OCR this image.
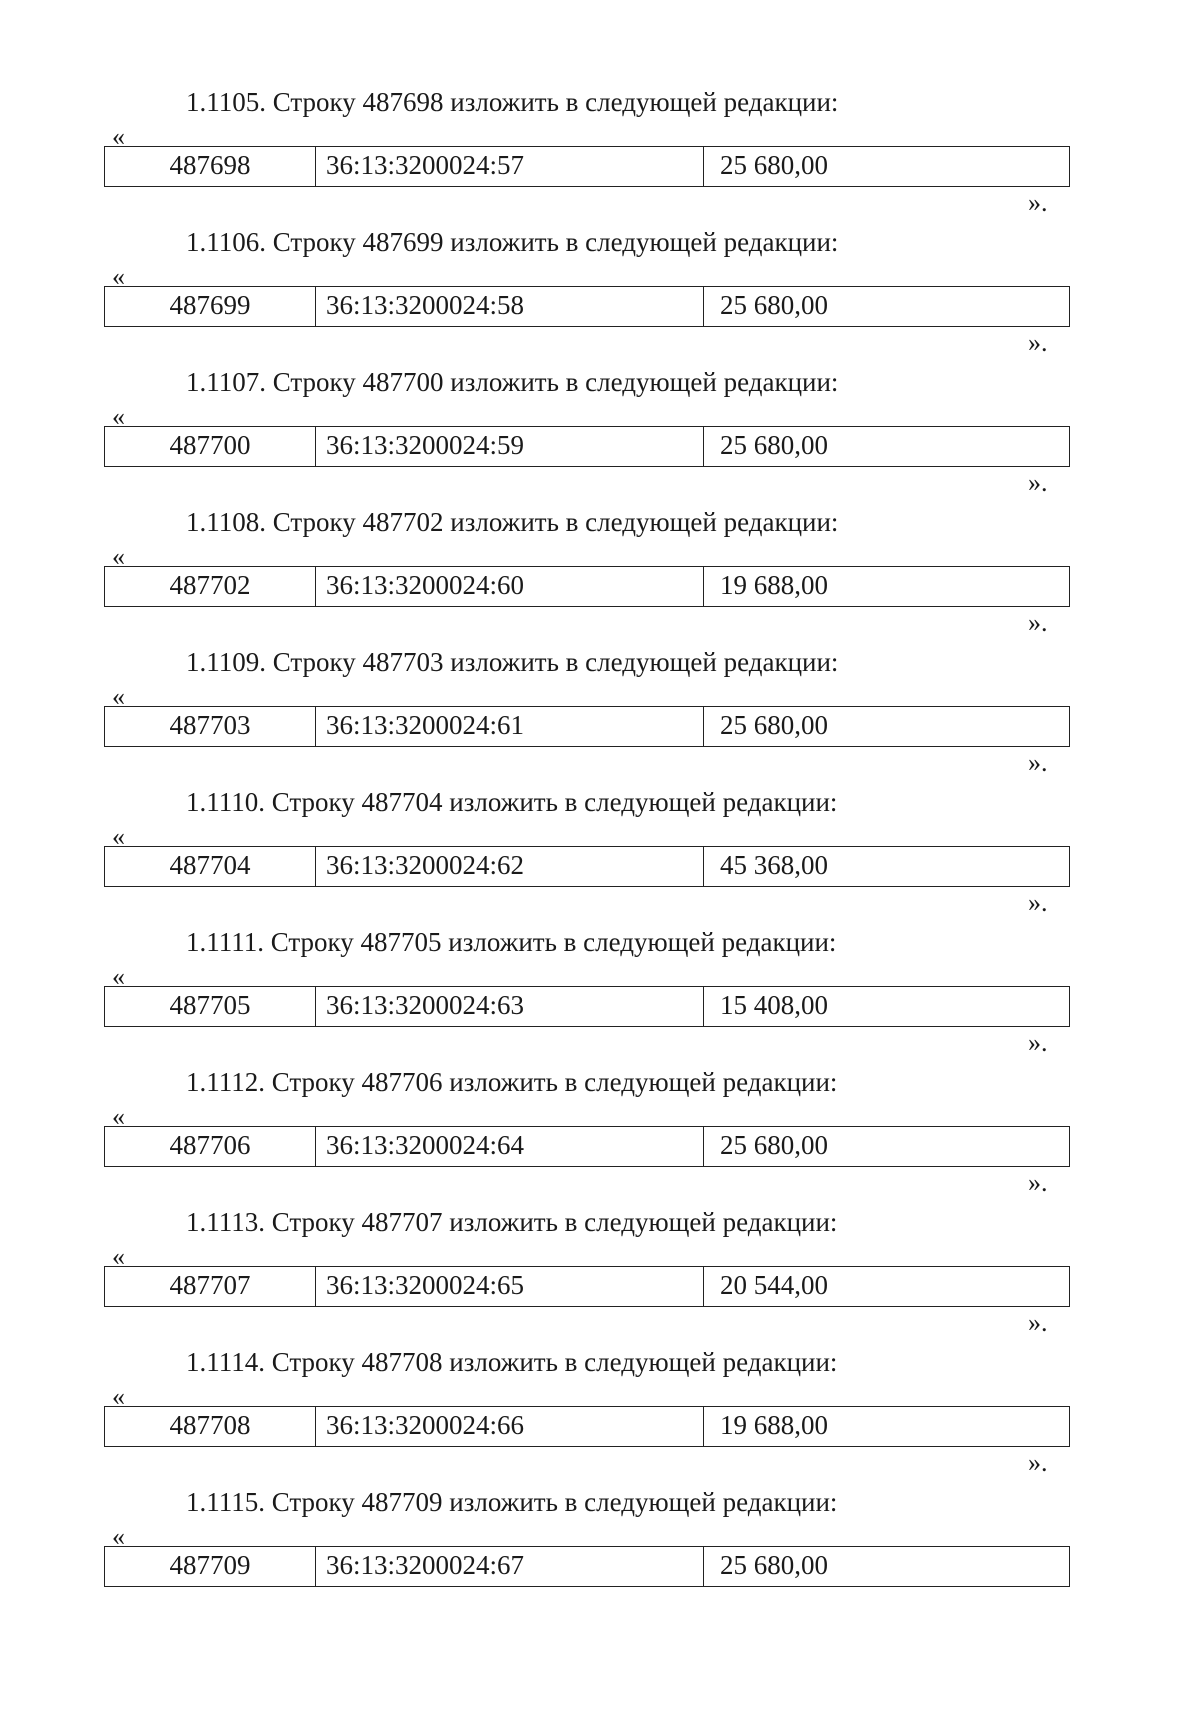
1.1105. Строку 487698 изложить в следующей редакции:
«
487698	36:13:3200024:57	25 680,00
».
1.1106. Строку 487699 изложить в следующей редакции:
«
487699	36:13:3200024:58	25 680,00
».
1.1107. Строку 487700 изложить в следующей редакции:
«
487700	36:13:3200024:59	25 680,00
».
1.1108. Строку 487702 изложить в следующей редакции:
«
487702	36:13:3200024:60	19 688,00
».
1.1109. Строку 487703 изложить в следующей редакции:
«
487703	36:13:3200024:61	25 680,00
».
1.1110. Строку 487704 изложить в следующей редакции:
«
487704	36:13:3200024:62	45 368,00
».
1.1111. Строку 487705 изложить в следующей редакции:
«
487705	36:13:3200024:63	15 408,00
».
1.1112. Строку 487706 изложить в следующей редакции:
«
487706	36:13:3200024:64	25 680,00
».
1.1113. Строку 487707 изложить в следующей редакции:
«
487707	36:13:3200024:65	20 544,00
».
1.1114. Строку 487708 изложить в следующей редакции:
«
487708	36:13:3200024:66	19 688,00
».
1.1115. Строку 487709 изложить в следующей редакции:
«
487709	36:13:3200024:67	25 680,00
